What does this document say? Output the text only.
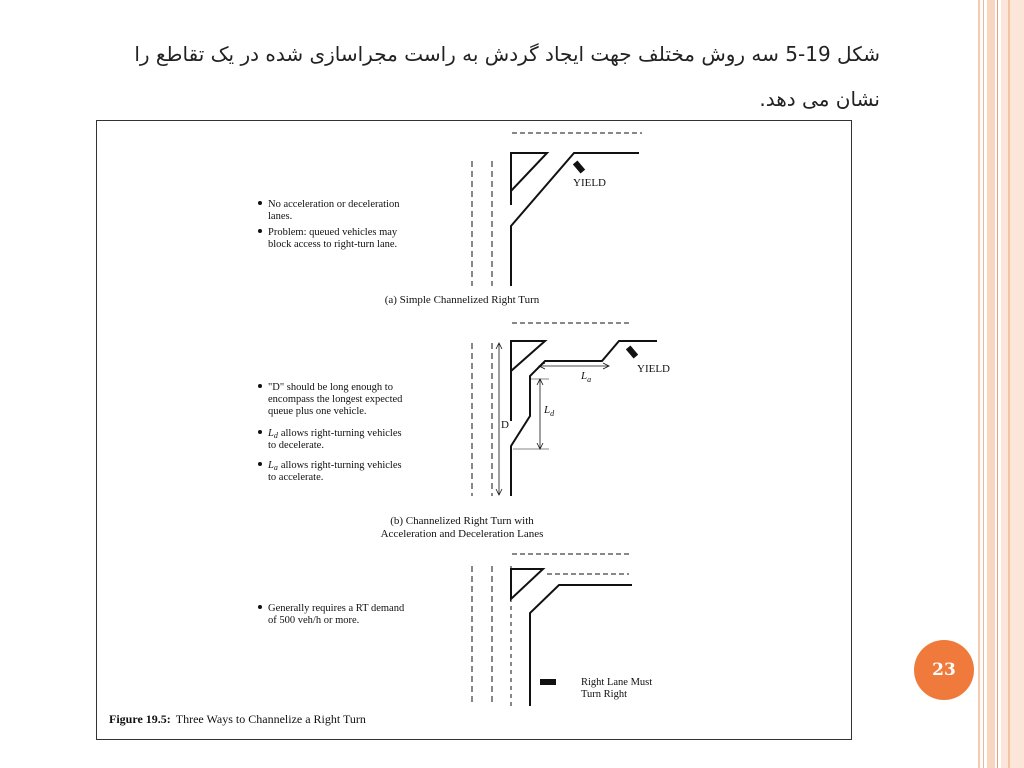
شکل 19-5 سه روش مختلف جهت ایجاد گردش به راست مجراسازی شده در یک تقاطع را نشان می دهد.
YIELD
No acceleration or deceleration
lanes.
Problem: queued vehicles may
block access to right-turn lane.
(a) Simple Channelized Right Turn
YIELD
D
$L_a$
$L_d$
"D" should be long enough to
encompass the longest expected
queue plus one vehicle.
Ld allows right-turning vehicles
to decelerate.
La allows right-turning vehicles
to accelerate.
(b) Channelized Right Turn with
Acceleration and Deceleration Lanes
Generally requires a RT demand
of 500 veh/h or more.
Right Lane Must
Turn Right
Figure 19.5: Three Ways to Channelize a Right Turn
23
